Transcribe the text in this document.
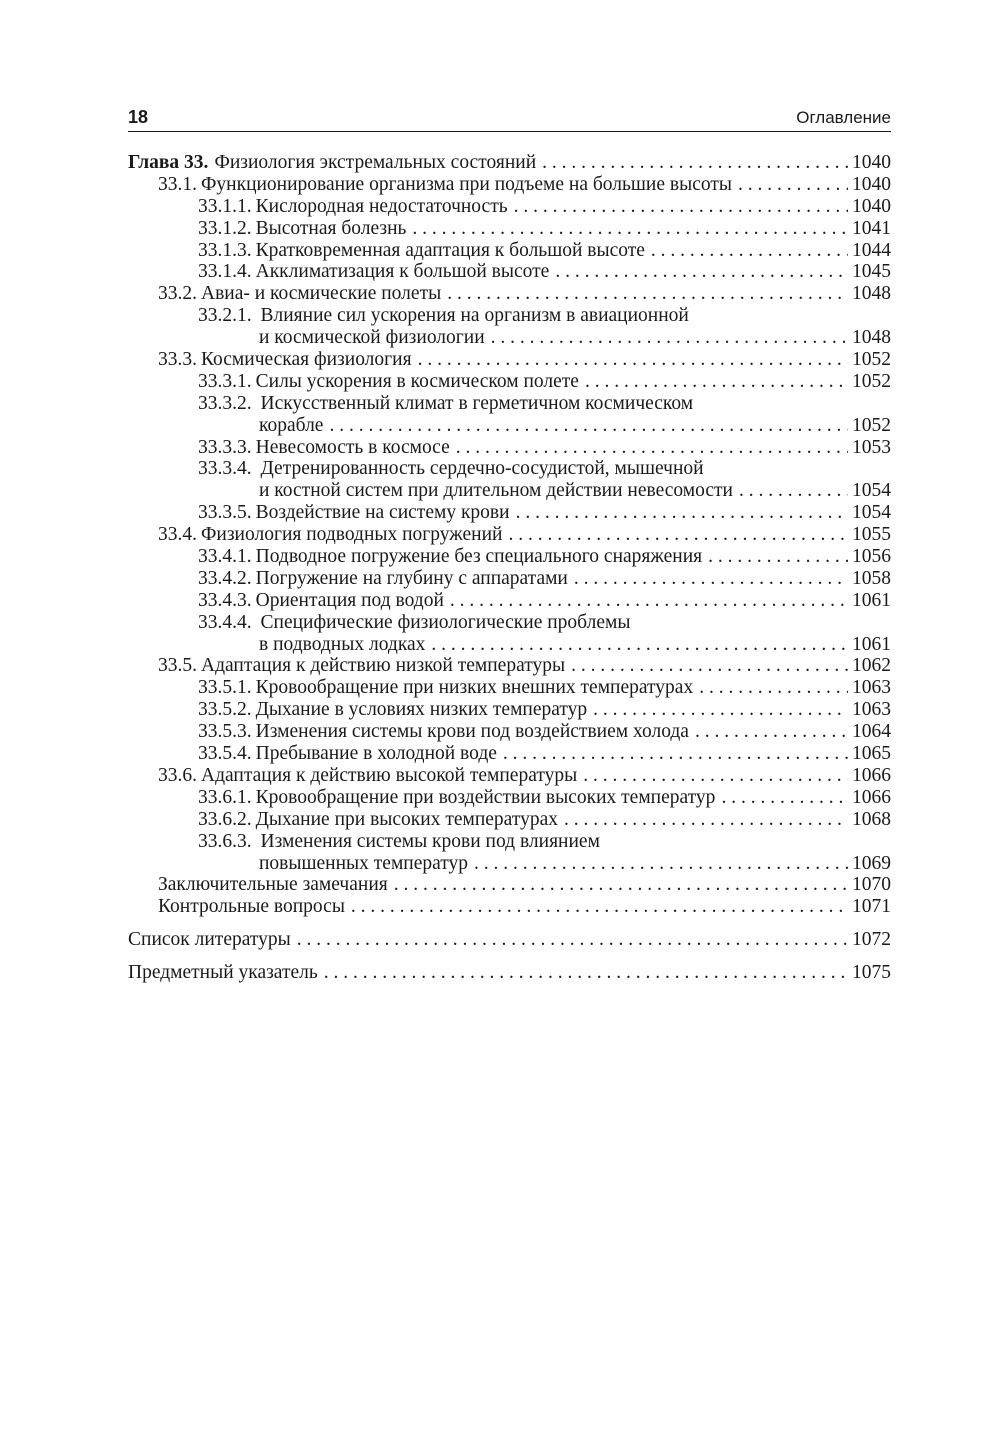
18	Оглавление
Глава 33. Физиология экстремальных состояний . . .	1040
33.1. Функционирование организма при подъеме на большие высоты . . .	1040
33.1.1. Кислородная недостаточность . . .	1040
33.1.2. Высотная болезнь . . .	1041
33.1.3. Кратковременная адаптация к большой высоте . . .	1044
33.1.4. Акклиматизация к большой высоте . . .	1045
33.2. Авиа- и космические полеты . . .	1048
33.2.1. Влияние сил ускорения на организм в авиационной
и космической физиологии . . .	1048
33.3. Космическая физиология . . .	1052
33.3.1. Силы ускорения в космическом полете . . .	1052
33.3.2. Искусственный климат в герметичном космическом
корабле . . .	1052
33.3.3. Невесомость в космосе . . .	1053
33.3.4. Детренированность сердечно-сосудистой, мышечной
и костной систем при длительном действии невесомости . . .	1054
33.3.5. Воздействие на систему крови . . .	1054
33.4. Физиология подводных погружений . . .	1055
33.4.1. Подводное погружение без специального снаряжения . . .	1056
33.4.2. Погружение на глубину с аппаратами . . .	1058
33.4.3. Ориентация под водой . . .	1061
33.4.4. Специфические физиологические проблемы
в подводных лодках . . .	1061
33.5. Адаптация к действию низкой температуры . . .	1062
33.5.1. Кровообращение при низких внешних температурах . . .	1063
33.5.2. Дыхание в условиях низких температур . . .	1063
33.5.3. Изменения системы крови под воздействием холода . . .	1064
33.5.4. Пребывание в холодной воде . . .	1065
33.6. Адаптация к действию высокой температуры . . .	1066
33.6.1. Кровообращение при воздействии высоких температур . . .	1066
33.6.2. Дыхание при высоких температурах . . .	1068
33.6.3. Изменения системы крови под влиянием
повышенных температур . . .	1069
Заключительные замечания . . .	1070
Контрольные вопросы . . .	1071
Список литературы . . .	1072
Предметный указатель . . .	1075
